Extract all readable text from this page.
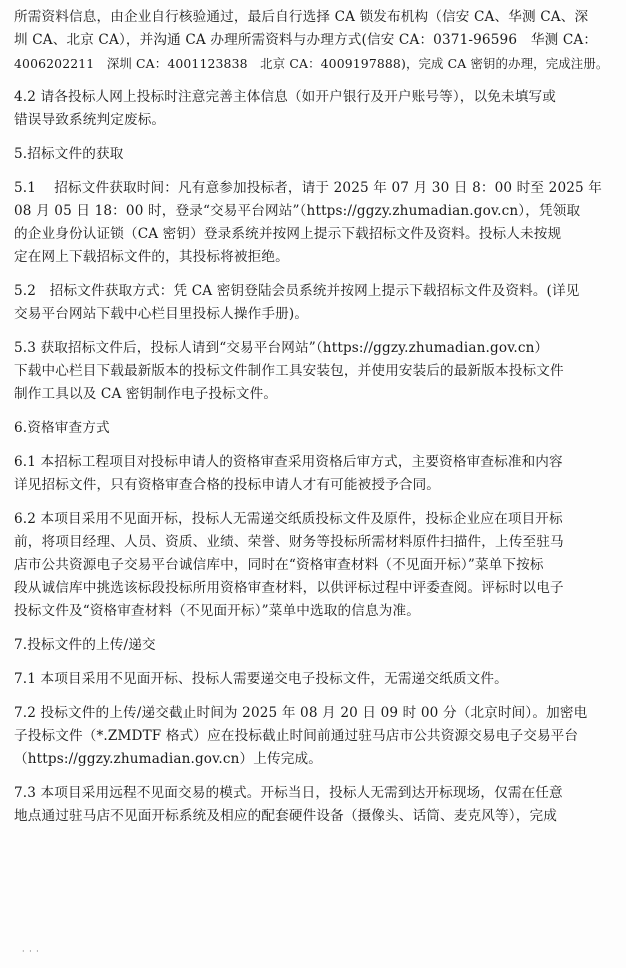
所需资料信息，由企业自行核验通过，最后自行选择 CA 锁发布机构（信安 CA、华测 CA、深
圳 CA、北京 CA），并沟通 CA 办理所需资料与办理方式(信安 CA：0371-96596　华测 CA：
4006202211　深圳 CA：4001123838　北京 CA：4009197888)，完成 CA 密钥的办理，完成注册。
4.2 请各投标人网上投标时注意完善主体信息（如开户银行及开户账号等），以免未填写或
错误导致系统判定废标。
5.招标文件的获取
5.1　 招标文件获取时间：凡有意参加投标者，请于 2025 年 07 月 30 日 8：00 时至 2025 年
08 月 05 日 18：00 时，登录“交易平台网站”（https://ggzy.zhumadian.gov.cn），凭领取
的企业身份认证锁（CA 密钥）登录系统并按网上提示下载招标文件及资料。投标人未按规
定在网上下载招标文件的，其投标将被拒绝。
5.2　招标文件获取方式：凭 CA 密钥登陆会员系统并按网上提示下载招标文件及资料。(详见
交易平台网站下载中心栏目里投标人操作手册)。
5.3 获取招标文件后，投标人请到“交易平台网站”（https://ggzy.zhumadian.gov.cn）
下载中心栏目下载最新版本的投标文件制作工具安装包，并使用安装后的最新版本投标文件
制作工具以及 CA 密钥制作电子投标文件。
6.资格审查方式
6.1 本招标工程项目对投标申请人的资格审查采用资格后审方式，主要资格审查标准和内容
详见招标文件，只有资格审查合格的投标申请人才有可能被授予合同。
6.2 本项目采用不见面开标，投标人无需递交纸质投标文件及原件，投标企业应在项目开标
前，将项目经理、人员、资质、业绩、荣誉、财务等投标所需材料原件扫描件，上传至驻马
店市公共资源电子交易平台诚信库中，同时在“资格审查材料（不见面开标）”菜单下按标
段从诚信库中挑选该标段投标所用资格审查材料，以供评标过程中评委查阅。评标时以电子
投标文件及“资格审查材料（不见面开标）”菜单中选取的信息为准。
7.投标文件的上传/递交
7.1 本项目采用不见面开标、投标人需要递交电子投标文件，无需递交纸质文件。
7.2 投标文件的上传/递交截止时间为 2025 年 08 月 20 日 09 时 00 分（北京时间）。加密电
子投标文件（*.ZMDTF 格式）应在投标截止时间前通过驻马店市公共资源交易电子交易平台
（https://ggzy.zhumadian.gov.cn）上传完成。
7.3 本项目采用远程不见面交易的模式。开标当日，投标人无需到达开标现场，仅需在任意
地点通过驻马店不见面开标系统及相应的配套硬件设备（摄像头、话筒、麦克风等），完成
· · ·
